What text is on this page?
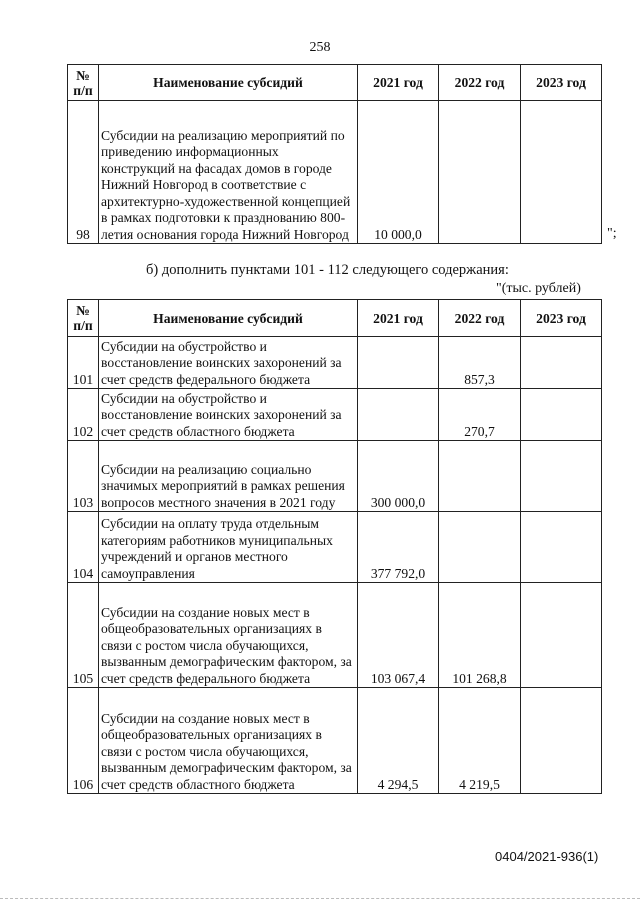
258
№ п/п	Наименование субсидий	2021 год	2022 год	2023 год
98	Субсидии на реализацию мероприятий по приведению информационных конструкций на фасадах домов в городе Нижний Новгород в соответствие с архитектурно-художественной концепцией в рамках подготовки к празднованию 800-летия основания города Нижний Новгород	10 000,0			";
б) дополнить пунктами 101 - 112 следующего содержания:
"(тыс. рублей)
№ п/п	Наименование субсидий	2021 год	2022 год	2023 год
101	Субсидии на обустройство и восстановление воинских захоронений за счет средств федерального бюджета		857,3	
102	Субсидии на обустройство и восстановление воинских захоронений за счет средств областного бюджета		270,7	
103	Субсидии на реализацию социально значимых мероприятий в рамках решения вопросов местного значения в 2021 году	300 000,0		
104	Субсидии на оплату труда отдельным категориям работников муниципальных учреждений и органов местного самоуправления	377 792,0		
105	Субсидии на создание новых мест в общеобразовательных организациях в связи с ростом числа обучающихся, вызванным демографическим фактором, за счет средств федерального бюджета	103 067,4	101 268,8	
106	Субсидии на создание новых мест в общеобразовательных организациях в связи с ростом числа обучающихся, вызванным демографическим фактором, за счет средств областного бюджета	4 294,5	4 219,5	
0404/2021-936(1)
